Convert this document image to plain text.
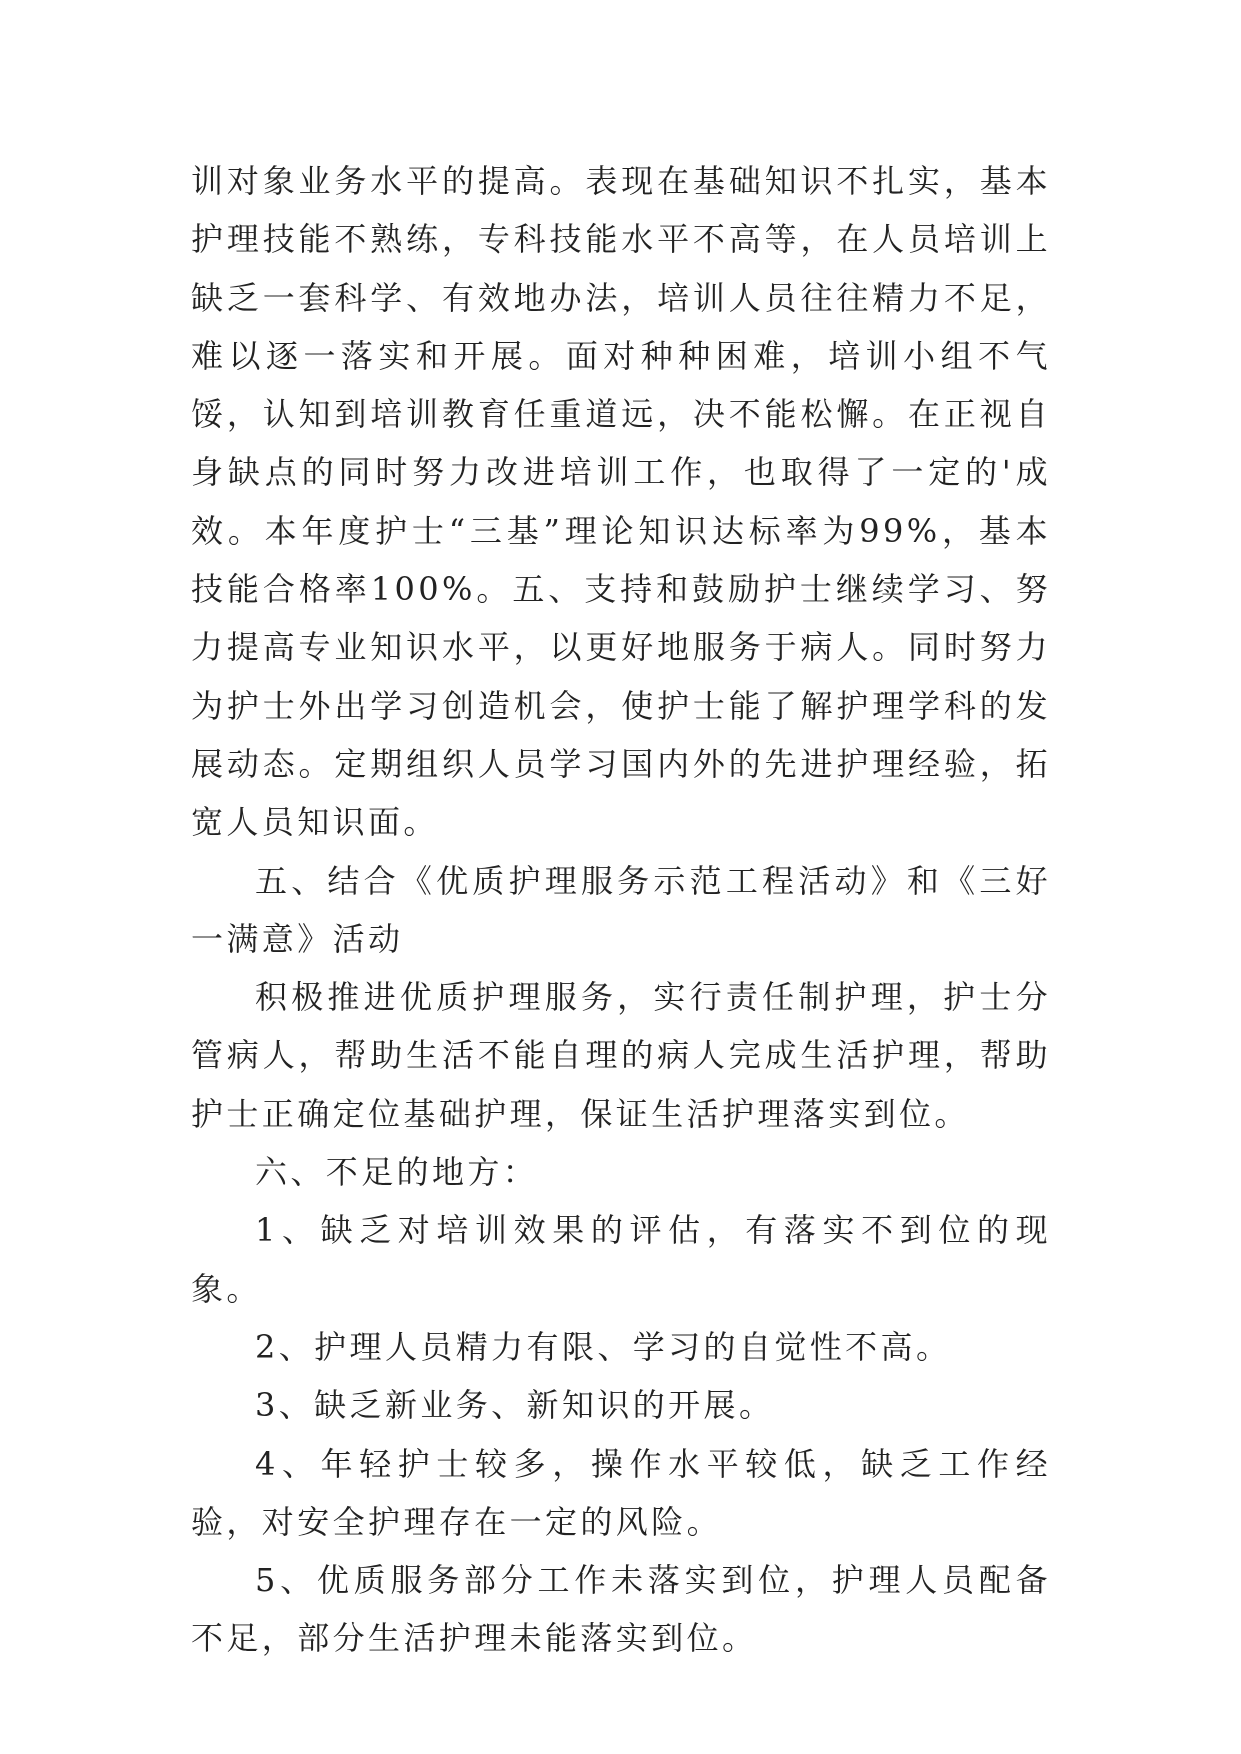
训对象业务水平的提高。表现在基础知识不扎实，基本护理技能不熟练，专科技能水平不高等，在人员培训上缺乏一套科学、有效地办法，培训人员往往精力不足，难以逐一落实和开展。面对种种困难，培训小组不气馁，认知到培训教育任重道远，决不能松懈。在正视自身缺点的同时努力改进培训工作，也取得了一定的'成效。本年度护士“三基”理论知识达标率为99%，基本技能合格率100%。五、支持和鼓励护士继续学习、努力提高专业知识水平，以更好地服务于病人。同时努力为护士外出学习创造机会，使护士能了解护理学科的发展动态。定期组织人员学习国内外的先进护理经验，拓宽人员知识面。

五、结合《优质护理服务示范工程活动》和《三好一满意》活动

积极推进优质护理服务，实行责任制护理，护士分管病人，帮助生活不能自理的病人完成生活护理，帮助护士正确定位基础护理，保证生活护理落实到位。

六、不足的地方：

1、缺乏对培训效果的评估，有落实不到位的现象。

2、护理人员精力有限、学习的自觉性不高。

3、缺乏新业务、新知识的开展。

4、年轻护士较多，操作水平较低，缺乏工作经验，对安全护理存在一定的风险。

5、优质服务部分工作未落实到位，护理人员配备不足，部分生活护理未能落实到位。
